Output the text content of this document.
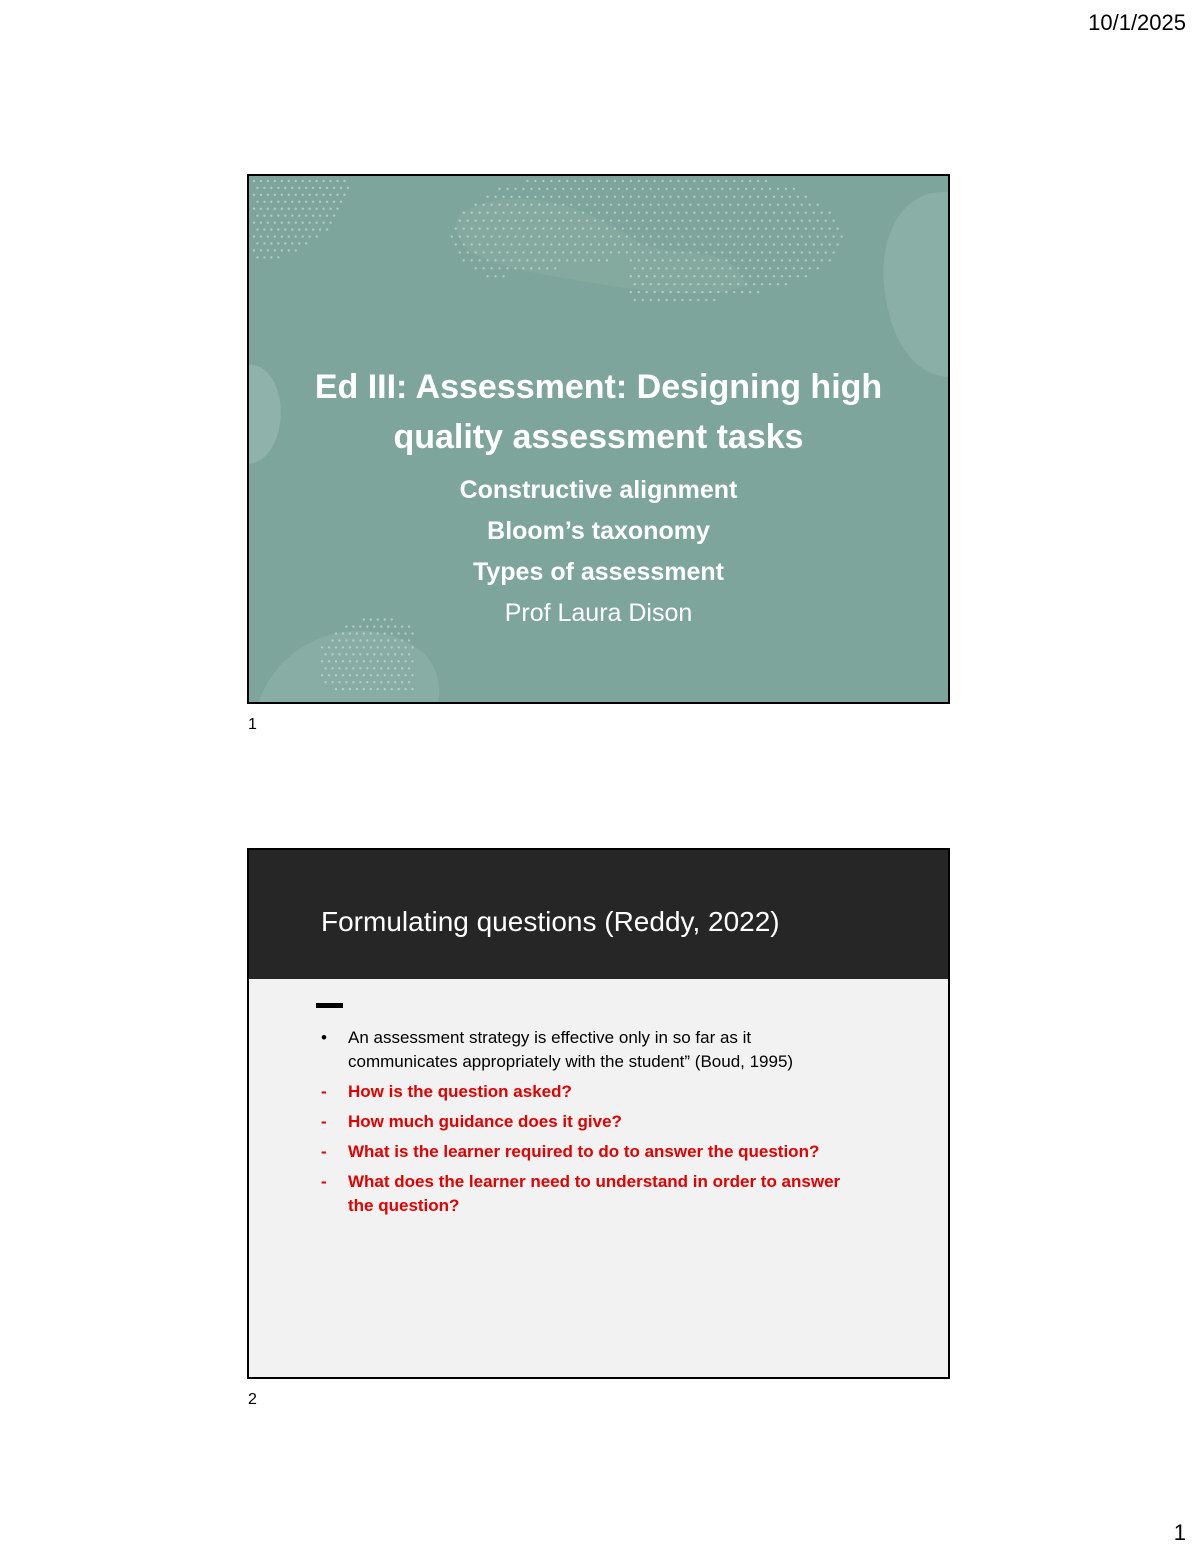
10/1/2025
Ed III: Assessment: Designing high
quality assessment tasks
Constructive alignment
Bloom’s taxonomy
Types of assessment
Prof Laura Dison
1
Formulating questions (Reddy, 2022)
• An assessment strategy is effective only in so far as it
communicates appropriately with the student” (Boud, 1995)
- How is the question asked?
- How much guidance does it give?
- What is the learner required to do to answer the question?
- What does the learner need to understand in order to answer
the question?
2
1
